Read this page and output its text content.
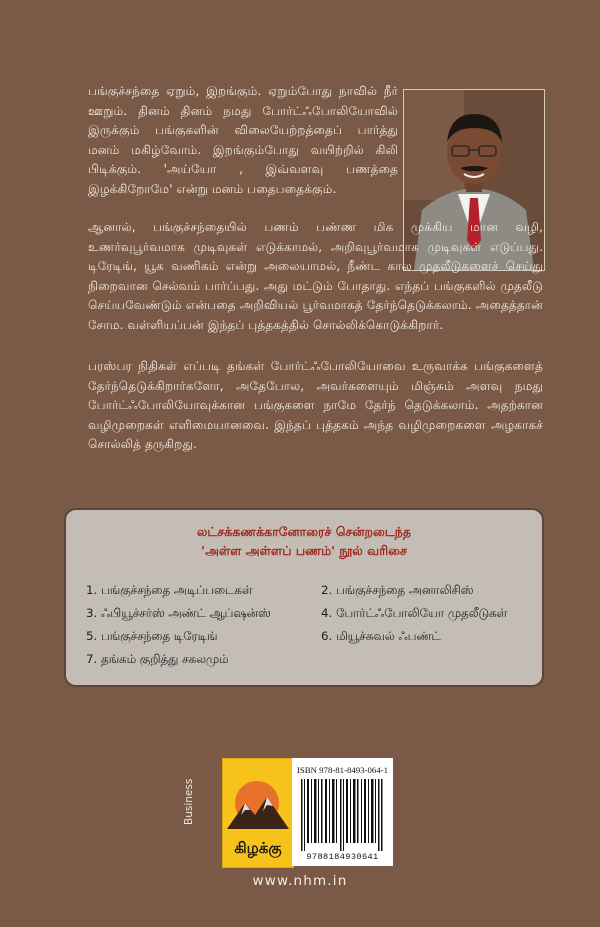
பங்குச்சந்தை ஏறும், இறங்கும். ஏறும்போது நாவில் நீர் ஊறும். தினம் தினம் நமது போர்ட்ஃபோலியோவில் இருக்கும் பங்குகளின் விலையேற்றத்தைப் பார்த்து மனம் மகிழ்வோம். இறங்கும்போது வயிற்றில் கிலி பிடிக்கும். 'அய்யோ , இவ்வளவு பணத்தை இழக்கிறோமே' என்று மனம் பதைபதைக்கும்.
ஆனால், பங்குச்சந்தையில் பணம் பண்ண மிக முக்கிய மான வழி, உணர்வுபூர்வமாக முடிவுகள் எடுக்காமல், அறிவுபூர்வமாக முடிவுகள் எடுப்பது. டிரேடிங், யூக வணிகம் என்று அலையாமல், நீண்ட கால முதலீடுகளைச் செய்து நிறைவான செல்வம் பார்ப்பது. அது மட்டும் போதாது. எந்தப் பங்குகளில் முதலீடு செய்யவேண்டும் என்பதை அறிவியல் பூர்வமாகத் தேர்ந்தெடுக்கலாம். அதைத்தான் சோம. வள்ளியப்பன் இந்தப் புத்தகத்தில் சொல்லிக்கொடுக்கிறார்.
பரஸ்பர நிதிகள் எப்படி தங்கள் போர்ட்ஃபோலியோவை உருவாக்க பங்குகளைத் தேர்ந்தெடுக்கிறார்களோ, அதேபோல, அவர்களையும் மிஞ்சும் அளவு நமது போர்ட்ஃபோலியோவுக்கான பங்குகளை நாமே தேர்ந் தெடுக்கலாம். அதற்கான வழிமுறைகள் எளிமையானவை. இந்தப் புத்தகம் அந்த வழிமுறைகளை அழகாகச் சொல்லித் தருகிறது.
லட்சக்கணக்கானோரைச் சென்றடைந்த
'அள்ள அள்ளப் பணம்' நூல் வரிசை
1. பங்குச்சந்தை அடிப்படைகள்	2. பங்குச்சந்தை அனாலிசிஸ்
3. ஃபியூச்சர்ஸ் அண்ட் ஆப்ஷன்ஸ்	4. போர்ட்ஃபோலியோ முதலீடுகள்
5. பங்குச்சந்தை டிரேடிங்	6. மியூச்சுவல் ஃபண்ட்
7. தங்கம் குறித்து சகலமும்
Business
கிழக்கு
ISBN 978-81-8493-064-1
9788184930641
www.nhm.in
